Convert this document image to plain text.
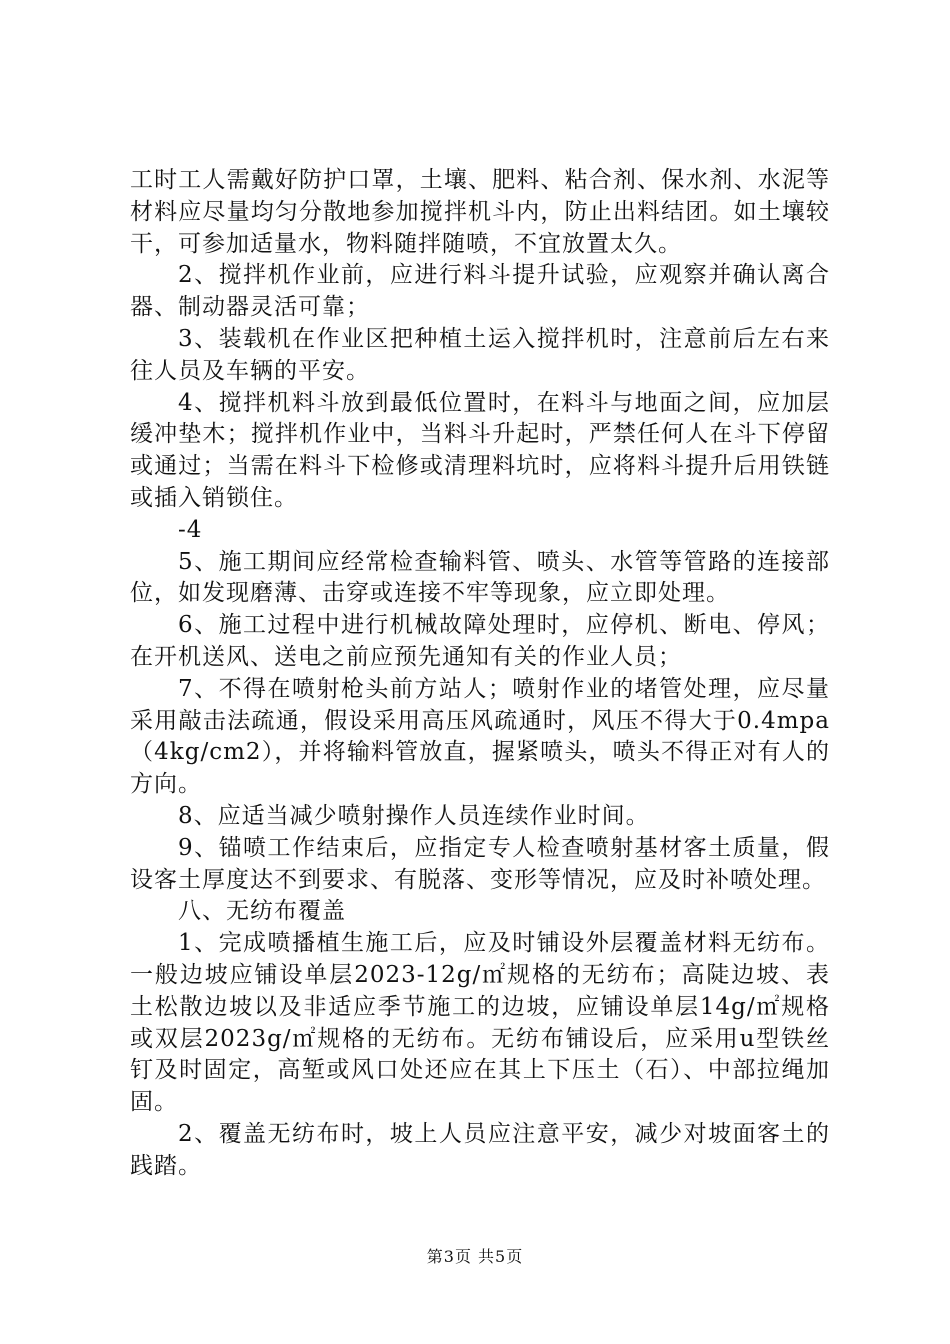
工时工人需戴好防护口罩，土壤、肥料、粘合剂、保水剂、水泥等材料应尽量均匀分散地参加搅拌机斗内，防止出料结团。如土壤较干，可参加适量水，物料随拌随喷，不宜放置太久。

2、搅拌机作业前，应进行料斗提升试验，应观察并确认离合器、制动器灵活可靠；

3、装载机在作业区把种植土运入搅拌机时，注意前后左右来往人员及车辆的平安。

4、搅拌机料斗放到最低位置时，在料斗与地面之间，应加层缓冲垫木；搅拌机作业中，当料斗升起时，严禁任何人在斗下停留或通过；当需在料斗下检修或清理料坑时，应将料斗提升后用铁链或插入销锁住。

-4

5、施工期间应经常检查输料管、喷头、水管等管路的连接部位，如发现磨薄、击穿或连接不牢等现象，应立即处理。

6、施工过程中进行机械故障处理时，应停机、断电、停风；在开机送风、送电之前应预先通知有关的作业人员；

7、不得在喷射枪头前方站人；喷射作业的堵管处理，应尽量采用敲击法疏通，假设采用高压风疏通时，风压不得大于0.4mpa（4kg/cm2），并将输料管放直，握紧喷头，喷头不得正对有人的方向。

8、应适当减少喷射操作人员连续作业时间。

9、锚喷工作结束后，应指定专人检查喷射基材客土质量，假设客土厚度达不到要求、有脱落、变形等情况，应及时补喷处理。

八、无纺布覆盖

1、完成喷播植生施工后，应及时铺设外层覆盖材料无纺布。一般边坡应铺设单层2023-12g/㎡规格的无纺布；高陡边坡、表土松散边坡以及非适应季节施工的边坡，应铺设单层14g/㎡规格或双层2023g/㎡规格的无纺布。无纺布铺设后，应采用u型铁丝钉及时固定，高堑或风口处还应在其上下压土（石）、中部拉绳加固。

2、覆盖无纺布时，坡上人员应注意平安，减少对坡面客土的践踏。

第3页 共5页
